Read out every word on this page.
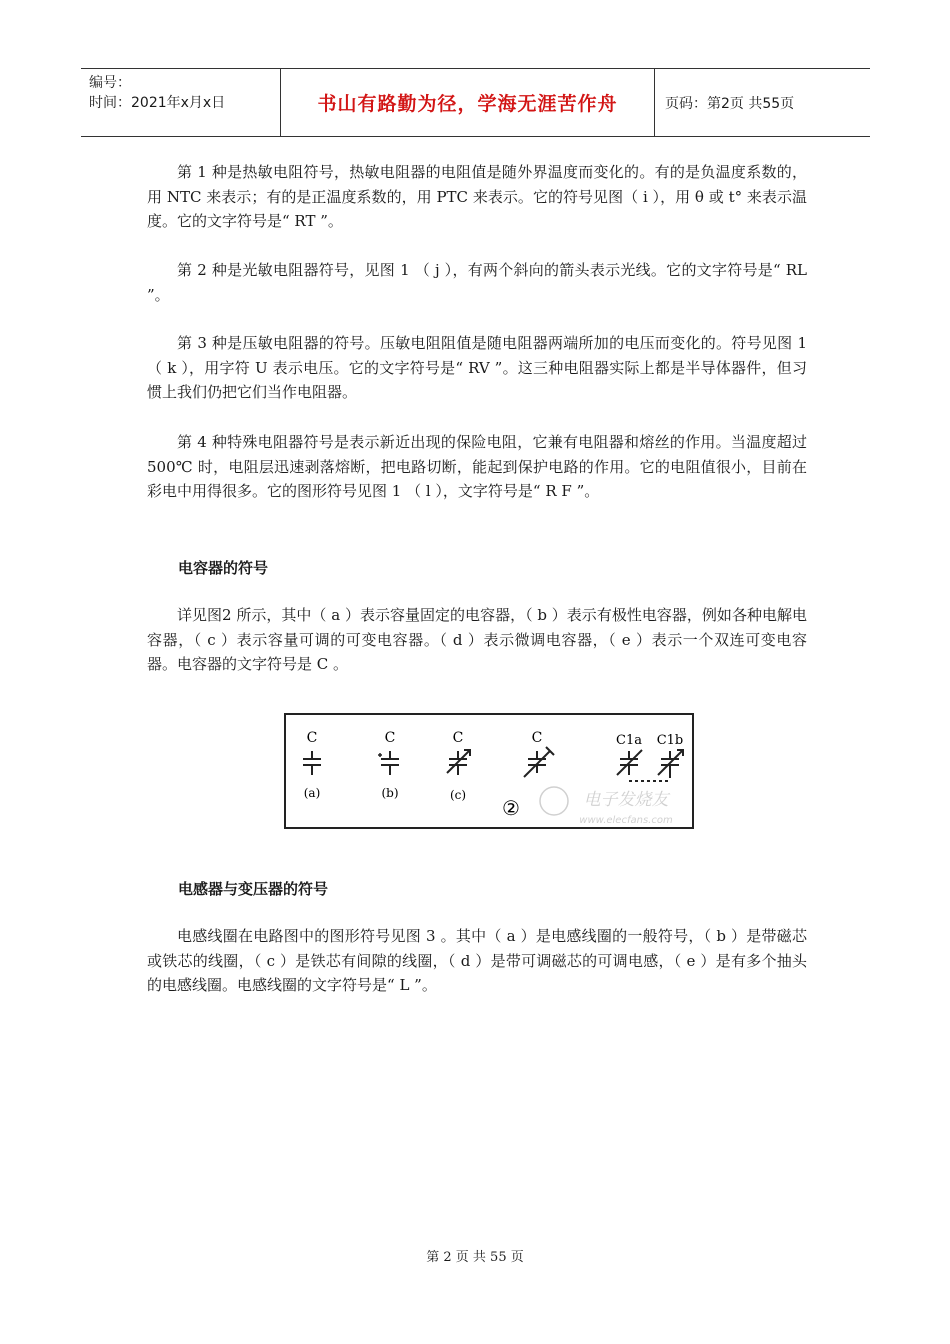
编号：
时间：2021年x月x日	书山有路勤为径，学海无涯苦作舟	页码：第2页 共55页

第 1 种是热敏电阻符号，热敏电阻器的电阻值是随外界温度而变化的。有的是负温度系数的，用 NTC 来表示；有的是正温度系数的，用 PTC 来表示。它的符号见图（ i ），用 θ 或 t° 来表示温度。它的文字符号是“ RT ”。

第 2 种是光敏电阻器符号，见图 1 （ j ），有两个斜向的箭头表示光线。它的文字符号是“ RL ”。

第 3 种是压敏电阻器的符号。压敏电阻阻值是随电阻器两端所加的电压而变化的。符号见图 1 （ k ），用字符 U 表示电压。它的文字符号是“ RV ”。这三种电阻器实际上都是半导体器件，但习惯上我们仍把它们当作电阻器。

第 4 种特殊电阻器符号是表示新近出现的保险电阻，它兼有电阻器和熔丝的作用。当温度超过 500℃ 时，电阻层迅速剥落熔断，把电路切断，能起到保护电路的作用。它的电阻值很小，目前在彩电中用得很多。它的图形符号见图 1 （ l ），文字符号是“ R F ”。

电容器的符号

详见图2 所示，其中（ a ）表示容量固定的电容器，（ b ）表示有极性电容器，例如各种电解电容器，（ c ）表示容量可调的可变电容器。（ d ）表示微调电容器，（ e ）表示一个双连可变电容器。电容器的文字符号是 C 。

C	C	C	C	C1a C1b
(a)	(b)	(c)
②	电子发烧友
www.elecfans.com

电感器与变压器的符号

电感线圈在电路图中的图形符号见图 3 。其中（ a ）是电感线圈的一般符号，（ b ）是带磁芯或铁芯的线圈，（ c ）是铁芯有间隙的线圈，（ d ）是带可调磁芯的可调电感，（ e ）是有多个抽头的电感线圈。电感线圈的文字符号是“ L ”。

第 2 页 共 55 页
